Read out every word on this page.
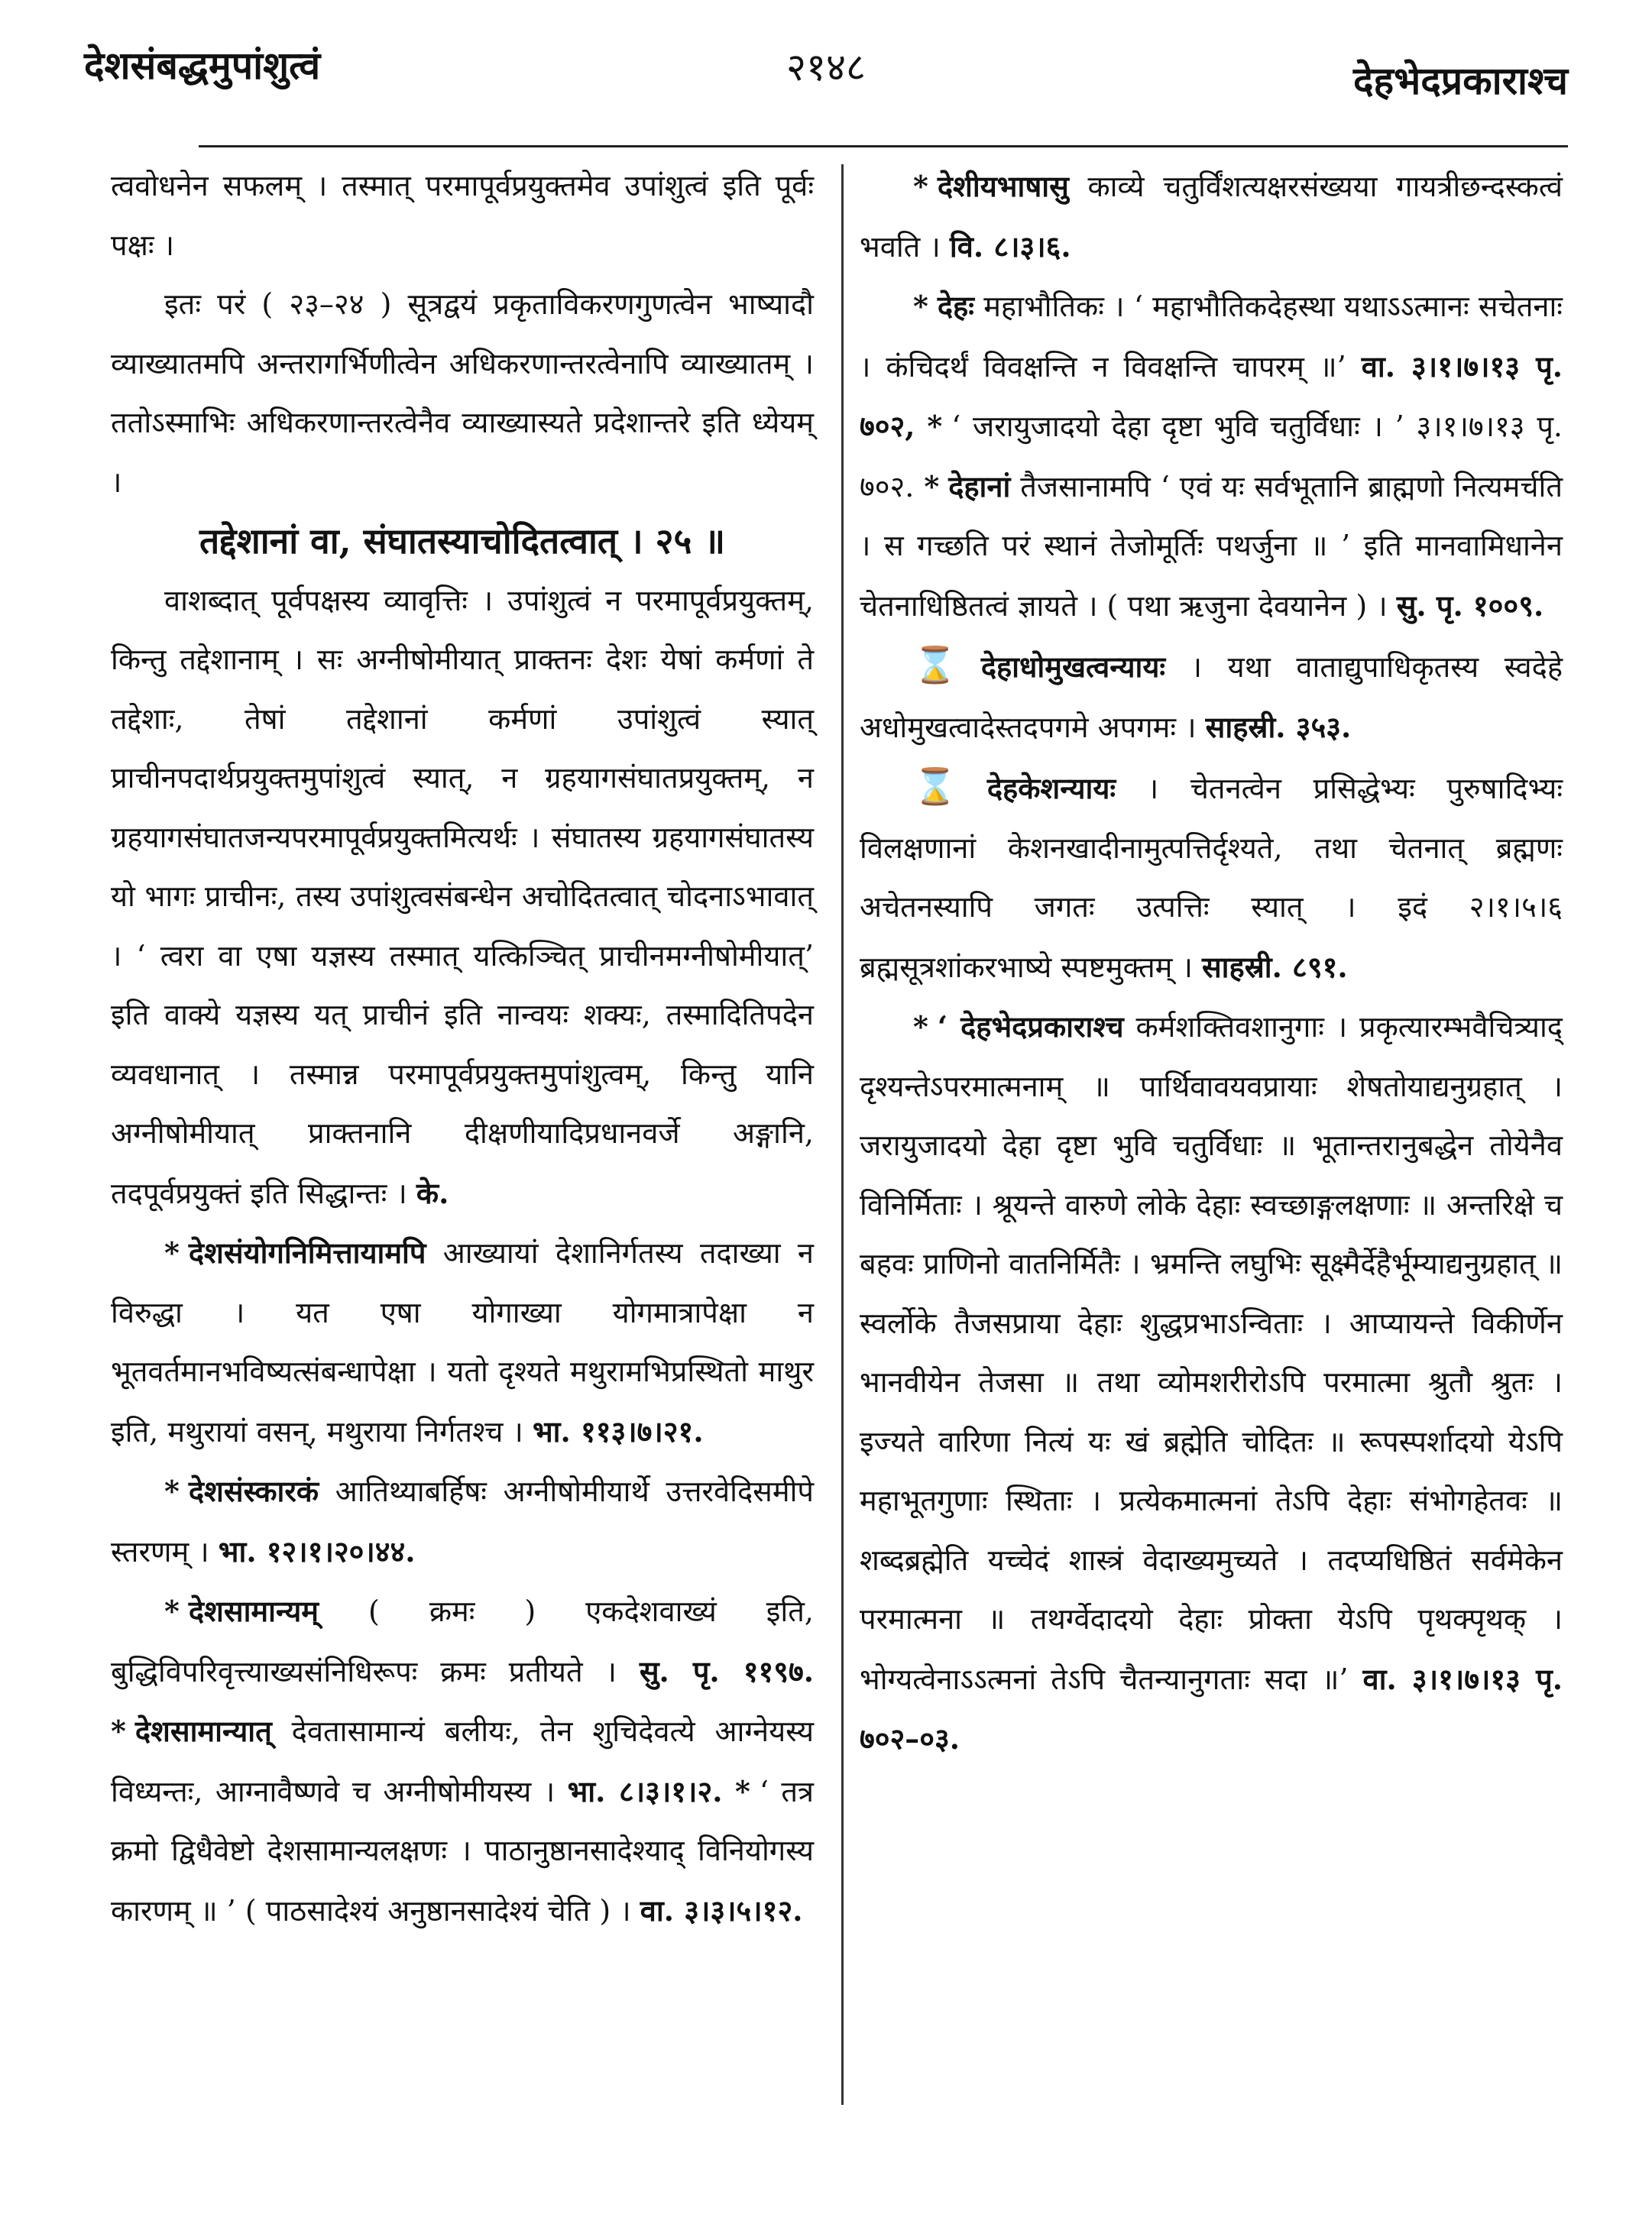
देशसंबद्धमुपांशुत्वं	२१४८	देहभेदप्रकाराश्च

त्ववोधनेन सफलम् । तस्मात् परमापूर्वप्रयुक्तमेव उपांशुत्वं इति पूर्वः पक्षः ।

इतः परं ( २३–२४ ) सूत्रद्वयं प्रकृताविकरणगुणत्वेन भाष्यादौ व्याख्यातमपि अन्तरागर्भिणीत्वेन अधिकरणान्तरत्वेनापि व्याख्यातम् । ततोऽस्माभिः अधिकरणान्तरत्वेनैव व्याख्यास्यते प्रदेशान्तरे इति ध्येयम् ।

तद्देशानां वा, संघातस्याचोदितत्वात् । २५ ॥

वाशब्दात् पूर्वपक्षस्य व्यावृत्तिः । उपांशुत्वं न परमापूर्वप्रयुक्तम्, किन्तु तद्देशानाम् । सः अग्नीषोमीयात् प्राक्तनः देशः येषां कर्मणां ते तद्देशाः, तेषां तद्देशानां कर्मणां उपांशुत्वं स्यात् प्राचीनपदार्थप्रयुक्तमुपांशुत्वं स्यात्, न ग्रहयागसंघातप्रयुक्तम्, न ग्रहयागसंघातजन्यपरमापूर्वप्रयुक्तमित्यर्थः । संघातस्य ग्रहयागसंघातस्य यो भागः प्राचीनः, तस्य उपांशुत्वसंबन्धेन अचोदितत्वात् चोदनाऽभावात् । ‘ त्वरा वा एषा यज्ञस्य तस्मात् यत्किञ्चित् प्राचीनमग्नीषोमीयात्’ इति वाक्ये यज्ञस्य यत् प्राचीनं इति नान्वयः शक्यः, तस्मादितिपदेन व्यवधानात् । तस्मान्न परमापूर्वप्रयुक्तमुपांशुत्वम्, किन्तु यानि अग्नीषोमीयात् प्राक्तनानि दीक्षणीयादिप्रधानवर्जे अङ्गानि, तदपूर्वप्रयुक्तं इति सिद्धान्तः । के.

* देशसंयोगनिमित्तायामपि आख्यायां देशानिर्गतस्य तदाख्या न विरुद्धा । यत एषा योगाख्या योगमात्रापेक्षा न भूतवर्तमानभविष्यत्संबन्धापेक्षा । यतो दृश्यते मथुरामभिप्रस्थितो माथुर इति, मथुरायां वसन्, मथुराया निर्गतश्च । भा. ११३।७।२१.

* देशसंस्कारकं आतिथ्याबर्हिषः अग्नीषोमीयार्थे उत्तरवेदिसमीपे स्तरणम् । भा. १२।१।२०।४४.

* देशसामान्यम् ( क्रमः ) एकदेशवाख्यं इति, बुद्धिविपरिवृत्त्याख्यसंनिधिरूपः क्रमः प्रतीयते । सु. पृ. ११९७. * देशसामान्यात् देवतासामान्यं बलीयः, तेन शुचिदेवत्ये आग्नेयस्य विध्यन्तः, आग्नावैष्णवे च अग्नीषोमीयस्य । भा. ८।३।१।२. * ‘ तत्र क्रमो द्विधैवेष्टो देशसामान्यलक्षणः । पाठानुष्ठानसादेश्याद् विनियोगस्य कारणम् ॥ ’ ( पाठसादेश्यं अनुष्ठानसादेश्यं चेति ) । वा. ३।३।५।१२.

* देशीयभाषासु काव्ये चतुर्विंशत्यक्षरसंख्यया गायत्रीछन्दस्कत्वं भवति । वि. ८।३।६.

* देहः महाभौतिकः । ‘ महाभौतिकदेहस्था यथाऽऽत्मानः सचेतनाः । कंचिदर्थं विवक्षन्ति न विवक्षन्ति चापरम् ॥’ वा. ३।१।७।१३ पृ. ७०२, * ‘ जरायुजादयो देहा दृष्टा भुवि चतुर्विधाः । ’ ३।१।७।१३ पृ. ७०२. * देहानां तैजसानामपि ‘ एवं यः सर्वभूतानि ब्राह्मणो नित्यमर्चति । स गच्छति परं स्थानं तेजोमूर्तिः पथर्जुना ॥ ’ इति मानवामिधानेन चेतनाधिष्ठितत्वं ज्ञायते । ( पथा ऋजुना देवयानेन ) । सु. पृ. १००९.

⌛ देहाधोमुखत्वन्यायः । यथा वाताद्युपाधिकृतस्य स्वदेहे अधोमुखत्वादेस्तदपगमे अपगमः । साहस्री. ३५३.

⌛ देहकेशन्यायः । चेतनत्वेन प्रसिद्धेभ्यः पुरुषादिभ्यः विलक्षणानां केशनखादीनामुत्पत्तिर्दृश्यते, तथा चेतनात् ब्रह्मणः अचेतनस्यापि जगतः उत्पत्तिः स्यात् । इदं २।१।५।६ ब्रह्मसूत्रशांकरभाष्ये स्पष्टमुक्तम् । साहस्री. ८९१.

* ‘ देहभेदप्रकाराश्च कर्मशक्तिवशानुगाः । प्रकृत्यारम्भवैचित्र्याद् दृश्यन्तेऽपरमात्मनाम् ॥ पार्थिवावयवप्रायाः शेषतोयाद्यनुग्रहात् । जरायुजादयो देहा दृष्टा भुवि चतुर्विधाः ॥ भूतान्तरानुबद्धेन तोयेनैव विनिर्मिताः । श्रूयन्ते वारुणे लोके देहाः स्वच्छाङ्गलक्षणाः ॥ अन्तरिक्षे च बहवः प्राणिनो वातनिर्मितैः । भ्रमन्ति लघुभिः सूक्ष्मैर्देहैर्भूम्याद्यनुग्रहात् ॥ स्वर्लोके तैजसप्राया देहाः शुद्धप्रभाऽन्विताः । आप्यायन्ते विकीर्णेन भानवीयेन तेजसा ॥ तथा व्योमशरीरोऽपि परमात्मा श्रुतौ श्रुतः । इज्यते वारिणा नित्यं यः खं ब्रह्मेति चोदितः ॥ रूपस्पर्शादयो येऽपि महाभूतगुणाः स्थिताः । प्रत्येकमात्मनां तेऽपि देहाः संभोगहेतवः ॥ शब्दब्रह्मेति यच्चेदं शास्त्रं वेदाख्यमुच्यते । तदप्यधिष्ठितं सर्वमेकेन परमात्मना ॥ तथर्ग्वेदादयो देहाः प्रोक्ता येऽपि पृथक्पृथक् । भोग्यत्वेनाऽऽत्मनां तेऽपि चैतन्यानुगताः सदा ॥’ वा. ३।१।७।१३ पृ. ७०२–०३.
